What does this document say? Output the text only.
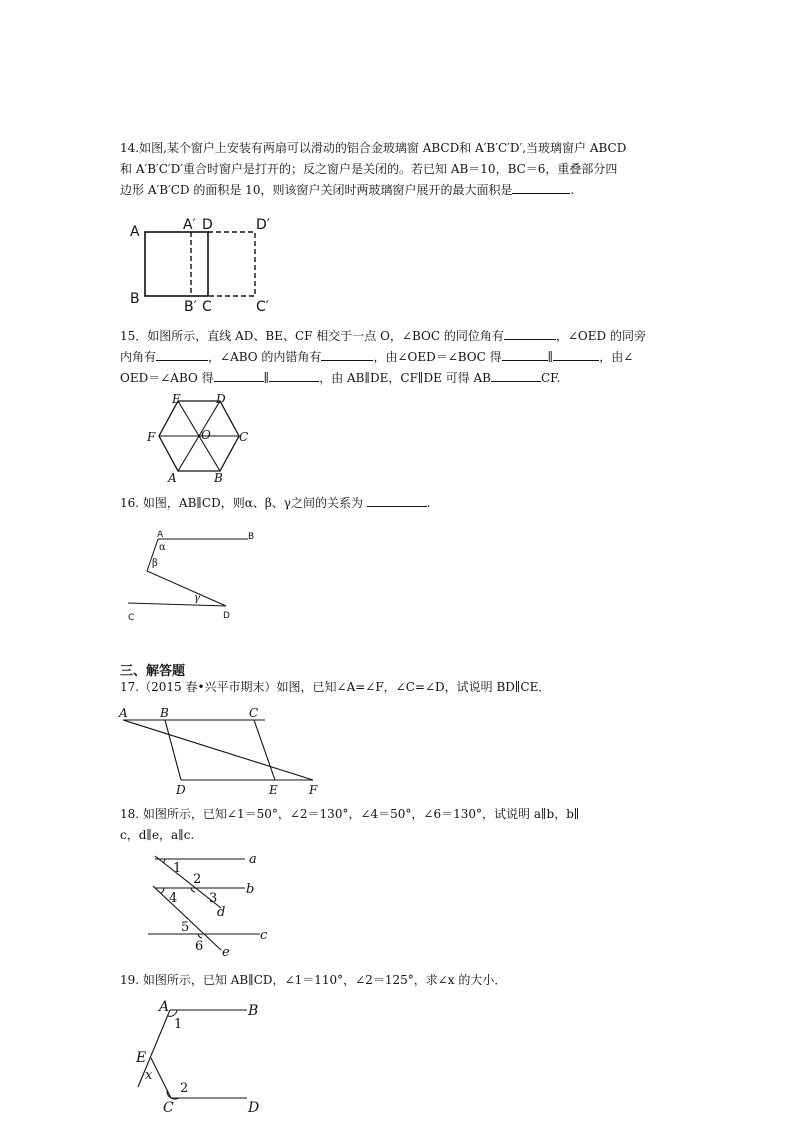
14.如图,某个窗户上安装有两扇可以滑动的铝合金玻璃窗 ABCD和 A′B′C′D′,当玻璃窗户 ABCD
和 A′B′C′D′重合时窗户是打开的；反之窗户是关闭的。若已知 AB＝10，BC＝6，重叠部分四
边形 A′B′CD 的面积是 10，则该窗户关闭时两玻璃窗户展开的最大面积是	.
A	A′ D	D′
B	B′ C	C′
15．如图所示，直线 AD、BE、CF 相交于一点 O，∠BOC 的同位角有	，∠OED 的同旁
内角有	，∠ABO 的内错角有	，由∠OED＝∠BOC 得	∥	，由∠
OED＝∠ABO 得	∥	，由 AB∥DE，CF∥DE 可得 AB	CF.
E	D
F	O C
A	B
16. 如图，AB∥CD，则α、β、γ之间的关系为	.
A	B
α
β
γ
C	D
三、解答题
17.（2015 春•兴平市期末）如图，已知∠A=∠F，∠C=∠D，试说明 BD∥CE．
A	B	C
D	E	F
18. 如图所示，已知∠1＝50°，∠2＝130°，∠4＝50°，∠6＝130°，试说明 a∥b，b∥
c，d∥e，a∥c.
1
2
3
4
5
6
a
b
c
d
e
19. 如图所示，已知 AB∥CD，∠1＝110°，∠2＝125°，求∠x 的大小．
A	B
1
E
x
2
C	D
